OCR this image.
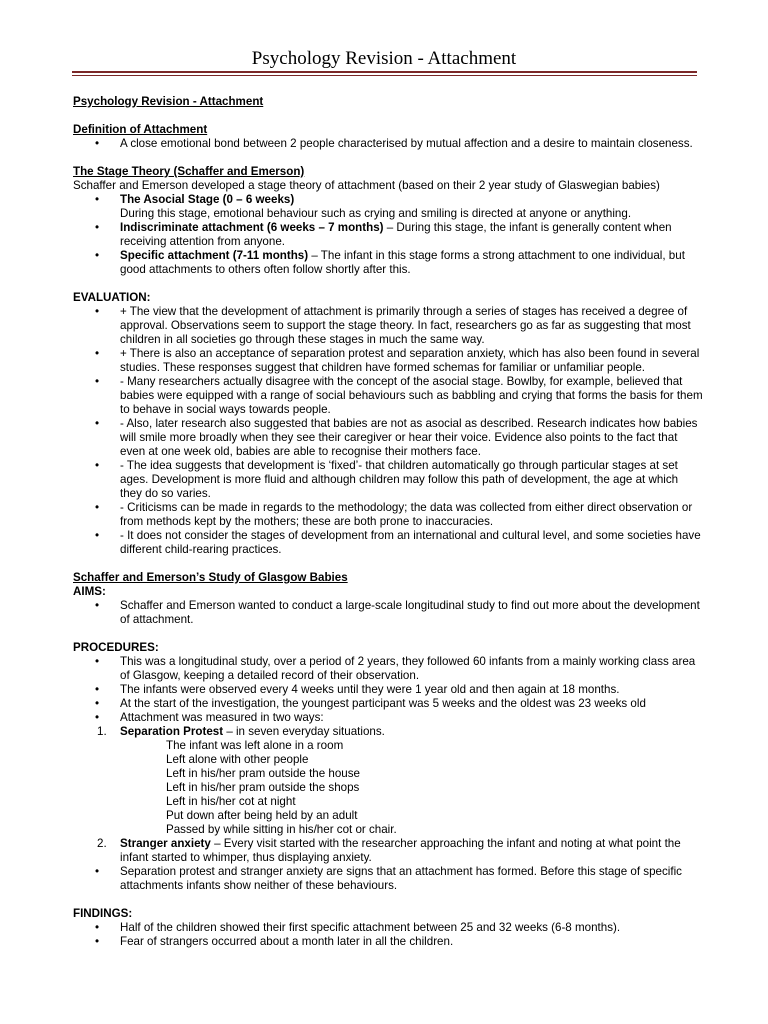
Psychology Revision - Attachment

Psychology Revision - Attachment

Definition of Attachment

• A close emotional bond between 2 people characterised by mutual affection and a desire to maintain closeness.

The Stage Theory (Schaffer and Emerson)

Schaffer and Emerson developed a stage theory of attachment (based on their 2 year study of Glaswegian babies)

• The Asocial Stage (0 – 6 weeks)

During this stage, emotional behaviour such as crying and smiling is directed at anyone or anything.

• Indiscriminate attachment (6 weeks – 7 months) – During this stage, the infant is generally content when receiving attention from anyone.
• Specific attachment (7-11 months) – The infant in this stage forms a strong attachment to one individual, but good attachments to others often follow shortly after this.

EVALUATION:

• + The view that the development of attachment is primarily through a series of stages has received a degree of approval. Observations seem to support the stage theory. In fact, researchers go as far as suggesting that most children in all societies go through these stages in much the same way.
• + There is also an acceptance of separation protest and separation anxiety, which has also been found in several studies. These responses suggest that children have formed schemas for familiar or unfamiliar people.
• - Many researchers actually disagree with the concept of the asocial stage. Bowlby, for example, believed that babies were equipped with a range of social behaviours such as babbling and crying that forms the basis for them to behave in social ways towards people.
• - Also, later research also suggested that babies are not as asocial as described. Research indicates how babies will smile more broadly when they see their caregiver or hear their voice. Evidence also points to the fact that even at one week old, babies are able to recognise their mothers face.
• - The idea suggests that development is ‘fixed’- that children automatically go through particular stages at set ages. Development is more fluid and although children may follow this path of development, the age at which they do so varies.
• - Criticisms can be made in regards to the methodology; the data was collected from either direct observation or from methods kept by the mothers; these are both prone to inaccuracies.
• - It does not consider the stages of development from an international and cultural level, and some societies have different child-rearing practices.

Schaffer and Emerson’s Study of Glasgow Babies

AIMS:

• Schaffer and Emerson wanted to conduct a large-scale longitudinal study to find out more about the development of attachment.

PROCEDURES:

• This was a longitudinal study, over a period of 2 years, they followed 60 infants from a mainly working class area of Glasgow, keeping a detailed record of their observation.
• The infants were observed every 4 weeks until they were 1 year old and then again at 18 months.
• At the start of the investigation, the youngest participant was 5 weeks and the oldest was 23 weeks old
• Attachment was measured in two ways:
1. Separation Protest – in seven everyday situations.

The infant was left alone in a room

Left alone with other people

Left in his/her pram outside the house

Left in his/her pram outside the shops

Left in his/her cot at night

Put down after being held by an adult

Passed by while sitting in his/her cot or chair.

2. Stranger anxiety – Every visit started with the researcher approaching the infant and noting at what point the infant started to whimper, thus displaying anxiety.
• Separation protest and stranger anxiety are signs that an attachment has formed. Before this stage of specific attachments infants show neither of these behaviours.

FINDINGS:

• Half of the children showed their first specific attachment between 25 and 32 weeks (6-8 months).
• Fear of strangers occurred about a month later in all the children.
